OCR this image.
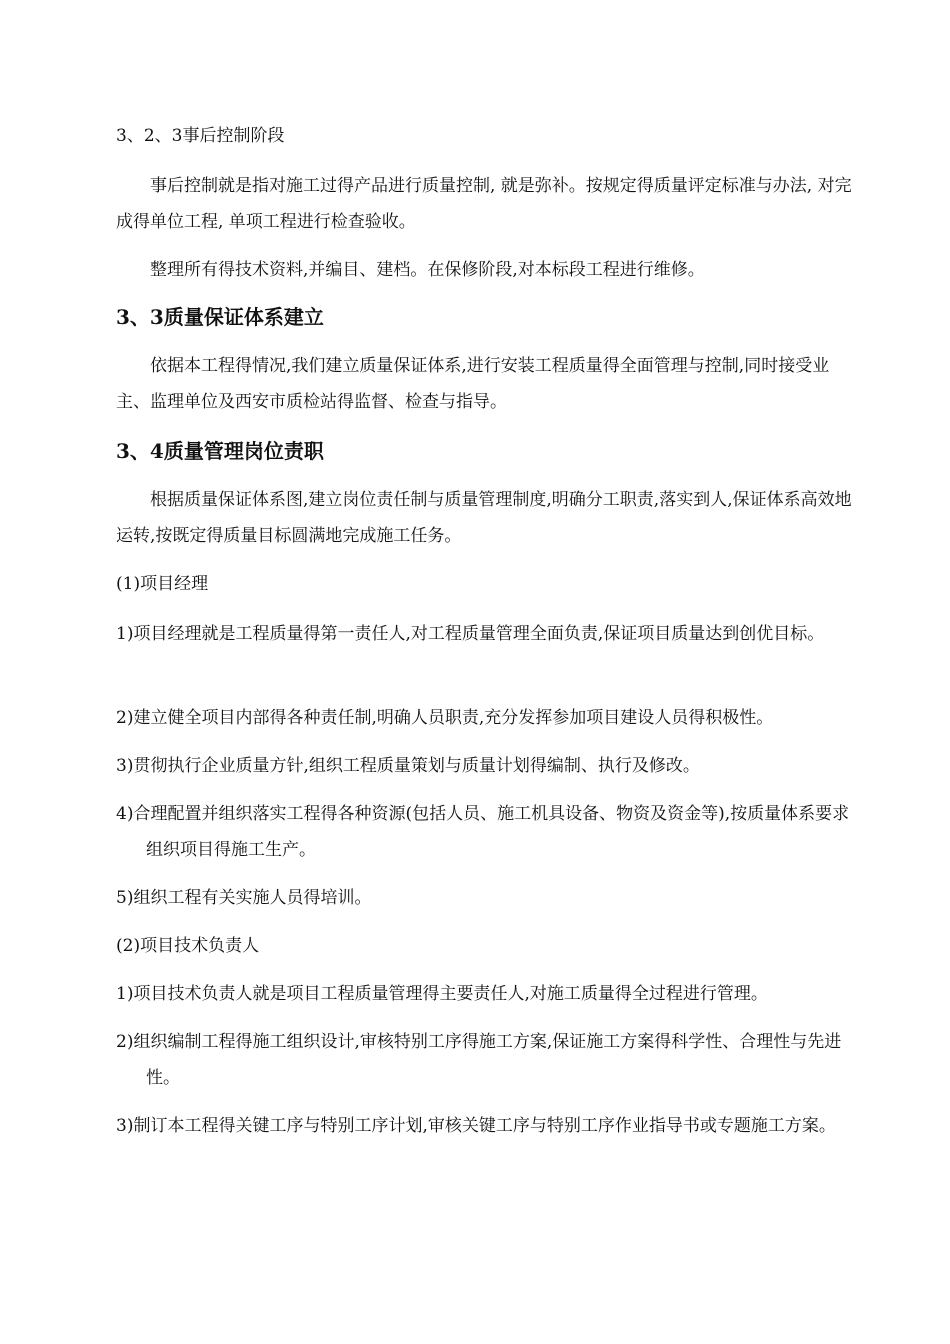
3、2、3事后控制阶段

事后控制就是指对施工过得产品进行质量控制, 就是弥补。按规定得质量评定标准与办法, 对完成得单位工程, 单项工程进行检查验收。

整理所有得技术资料,并编目、建档。在保修阶段,对本标段工程进行维修。

3、3质量保证体系建立

依据本工程得情况,我们建立质量保证体系,进行安装工程质量得全面管理与控制,同时接受业主、监理单位及西安市质检站得监督、检查与指导。

3、4质量管理岗位责职

根据质量保证体系图,建立岗位责任制与质量管理制度,明确分工职责,落实到人,保证体系高效地运转,按既定得质量目标圆满地完成施工任务。

(1)项目经理

1)项目经理就是工程质量得第一责任人,对工程质量管理全面负责,保证项目质量达到创优目标。

2)建立健全项目内部得各种责任制,明确人员职责,充分发挥参加项目建设人员得积极性。

3)贯彻执行企业质量方针,组织工程质量策划与质量计划得编制、执行及修改。

4)合理配置并组织落实工程得各种资源(包括人员、施工机具设备、物资及资金等),按质量体系要求组织项目得施工生产。

5)组织工程有关实施人员得培训。

(2)项目技术负责人

1)项目技术负责人就是项目工程质量管理得主要责任人,对施工质量得全过程进行管理。

2)组织编制工程得施工组织设计,审核特别工序得施工方案,保证施工方案得科学性、合理性与先进性。

3)制订本工程得关键工序与特别工序计划,审核关键工序与特别工序作业指导书或专题施工方案。
